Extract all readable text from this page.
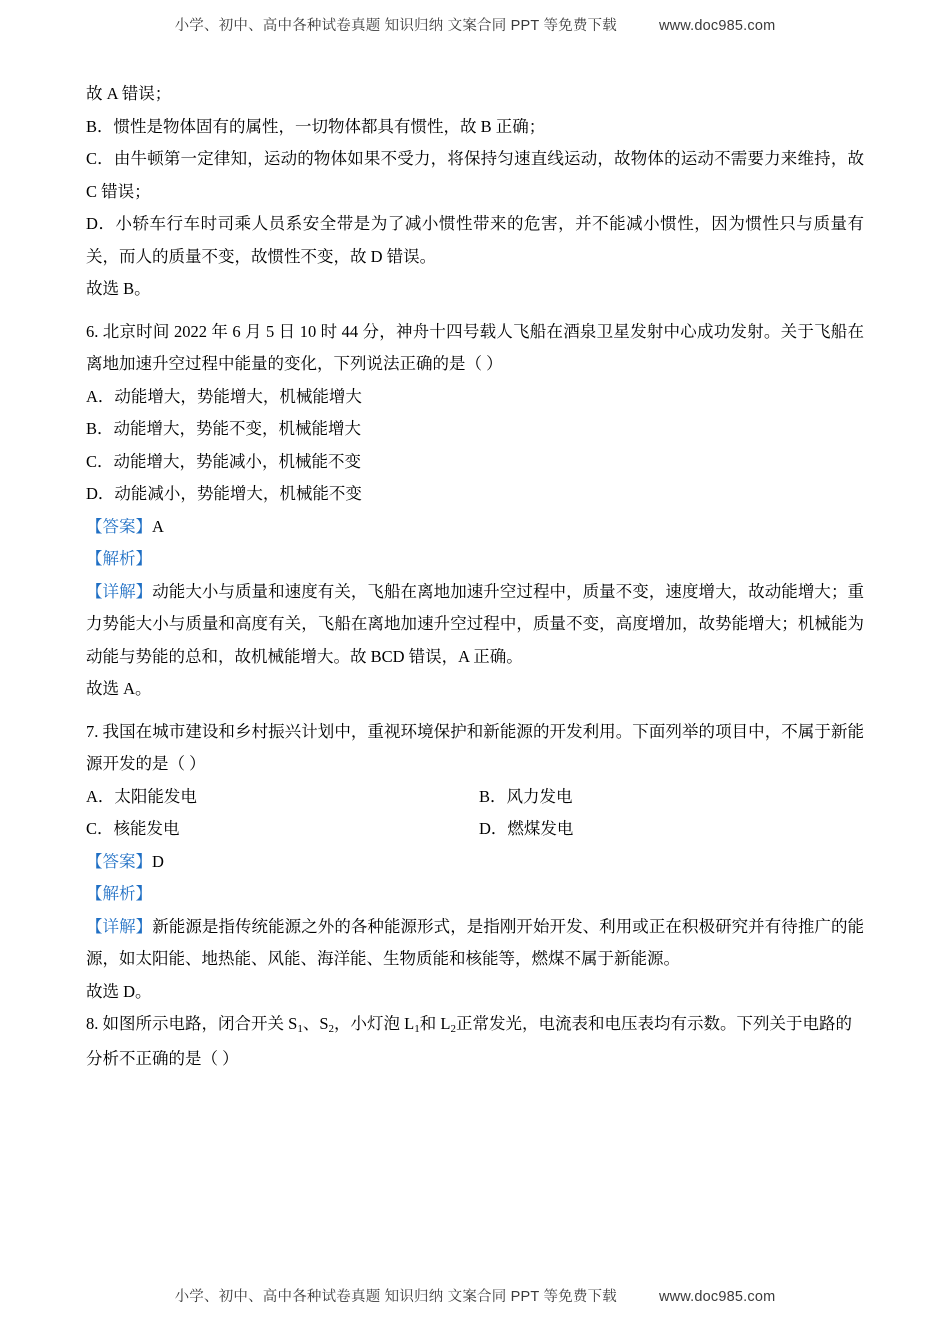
小学、初中、高中各种试卷真题 知识归纳 文案合同 PPT 等免费下载	www.doc985.com

故 A 错误；

B．惯性是物体固有的属性，一切物体都具有惯性，故 B 正确；

C．由牛顿第一定律知，运动的物体如果不受力，将保持匀速直线运动，故物体的运动不需要力来维持，故 C 错误；

D．小轿车行车时司乘人员系安全带是为了减小惯性带来的危害，并不能减小惯性，因为惯性只与质量有关，而人的质量不变，故惯性不变，故 D 错误。

故选 B。

6. 北京时间 2022 年 6 月 5 日 10 时 44 分，神舟十四号载人飞船在酒泉卫星发射中心成功发射。关于飞船在离地加速升空过程中能量的变化，下列说法正确的是（ ）

A．动能增大，势能增大，机械能增大

B．动能增大，势能不变，机械能增大

C．动能增大，势能减小，机械能不变

D．动能减小，势能增大，机械能不变

【答案】A

【解析】

【详解】动能大小与质量和速度有关，飞船在离地加速升空过程中，质量不变，速度增大，故动能增大；重力势能大小与质量和高度有关，飞船在离地加速升空过程中，质量不变，高度增加，故势能增大；机械能为动能与势能的总和，故机械能增大。故 BCD 错误，A 正确。

故选 A。

7. 我国在城市建设和乡村振兴计划中，重视环境保护和新能源的开发利用。下面列举的项目中，不属于新能源开发的是（ ）

A．太阳能发电	B．风力发电
C．核能发电	D．燃煤发电

【答案】D

【解析】

【详解】新能源是指传统能源之外的各种能源形式，是指刚开始开发、利用或正在积极研究并有待推广的能源，如太阳能、地热能、风能、海洋能、生物质能和核能等，燃煤不属于新能源。

故选 D。

8. 如图所示电路，闭合开关 $S_1$、$S_2$，小灯泡 $L_1$和 $L_2$正常发光，电流表和电压表均有示数。下列关于电路的

分析不正确的是（ ）

小学、初中、高中各种试卷真题 知识归纳 文案合同 PPT 等免费下载	www.doc985.com
